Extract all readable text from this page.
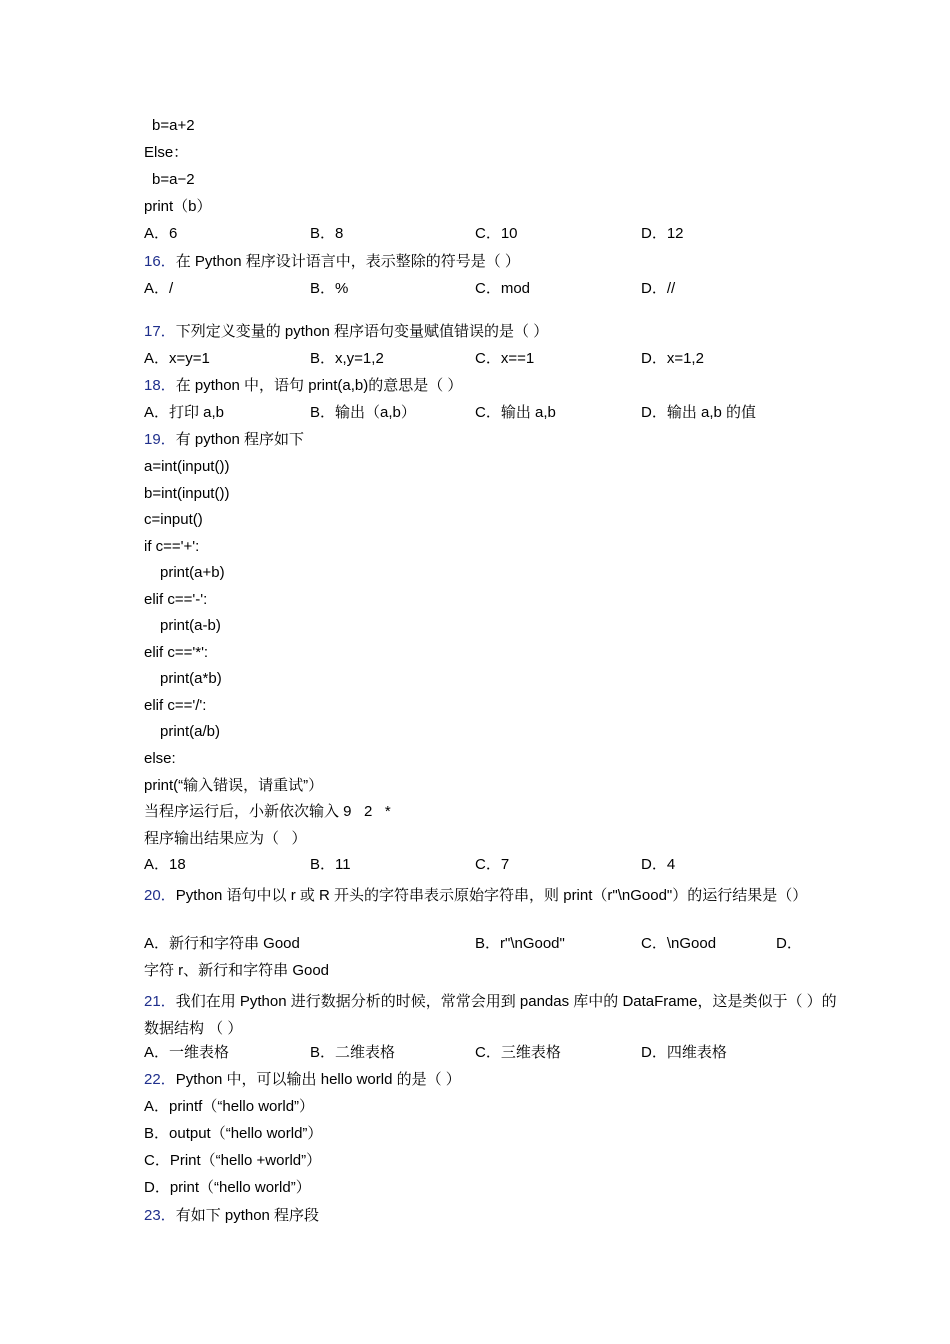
b=a+2
Else：
b=a−2
print（b）
A．6	B．8	C．10	D．12
16．在 Python 程序设计语言中，表示整除的符号是（ ）
A．/	B．%	C．mod	D．//
17．下列定义变量的 python 程序语句变量赋值错误的是（ ）
A．x=y=1	B．x,y=1,2	C．x==1	D．x=1,2
18．在 python 中，语句 print(a,b)的意思是（ ）
A．打印 a,b	B．输出（a,b）	C．输出 a,b	D．输出 a,b 的值
19．有 python 程序如下
a=int(input())
b=int(input())
c=input()
if c=='+':
print(a+b)
elif c=='-':
print(a-b)
elif c=='*':
print(a*b)
elif c=='/':
print(a/b)
else:
print(“输入错误，请重试”）
当程序运行后，小新依次输入 9   2   *
程序输出结果应为（   ）
A．18	B．11	C．7	D．4
20．Python 语句中以 r 或 R 开头的字符串表示原始字符串，则 print（r"\nGood"）的运行结果是（）
A．新行和字符串 Good	B．r"\nGood"	C．\nGood	D．
字符 r、新行和字符串 Good
21．我们在用 Python 进行数据分析的时候，常常会用到 pandas 库中的 DataFrame，这是类似于（ ）的数据结构 （ ）
A．一维表格	B．二维表格	C．三维表格	D．四维表格
22．Python 中，可以输出 hello world 的是（ ）
A．printf（“hello world”）
B．output（“hello world”）
C．Print（“hello +world”）
D．print（“hello world”）
23．有如下 python 程序段
